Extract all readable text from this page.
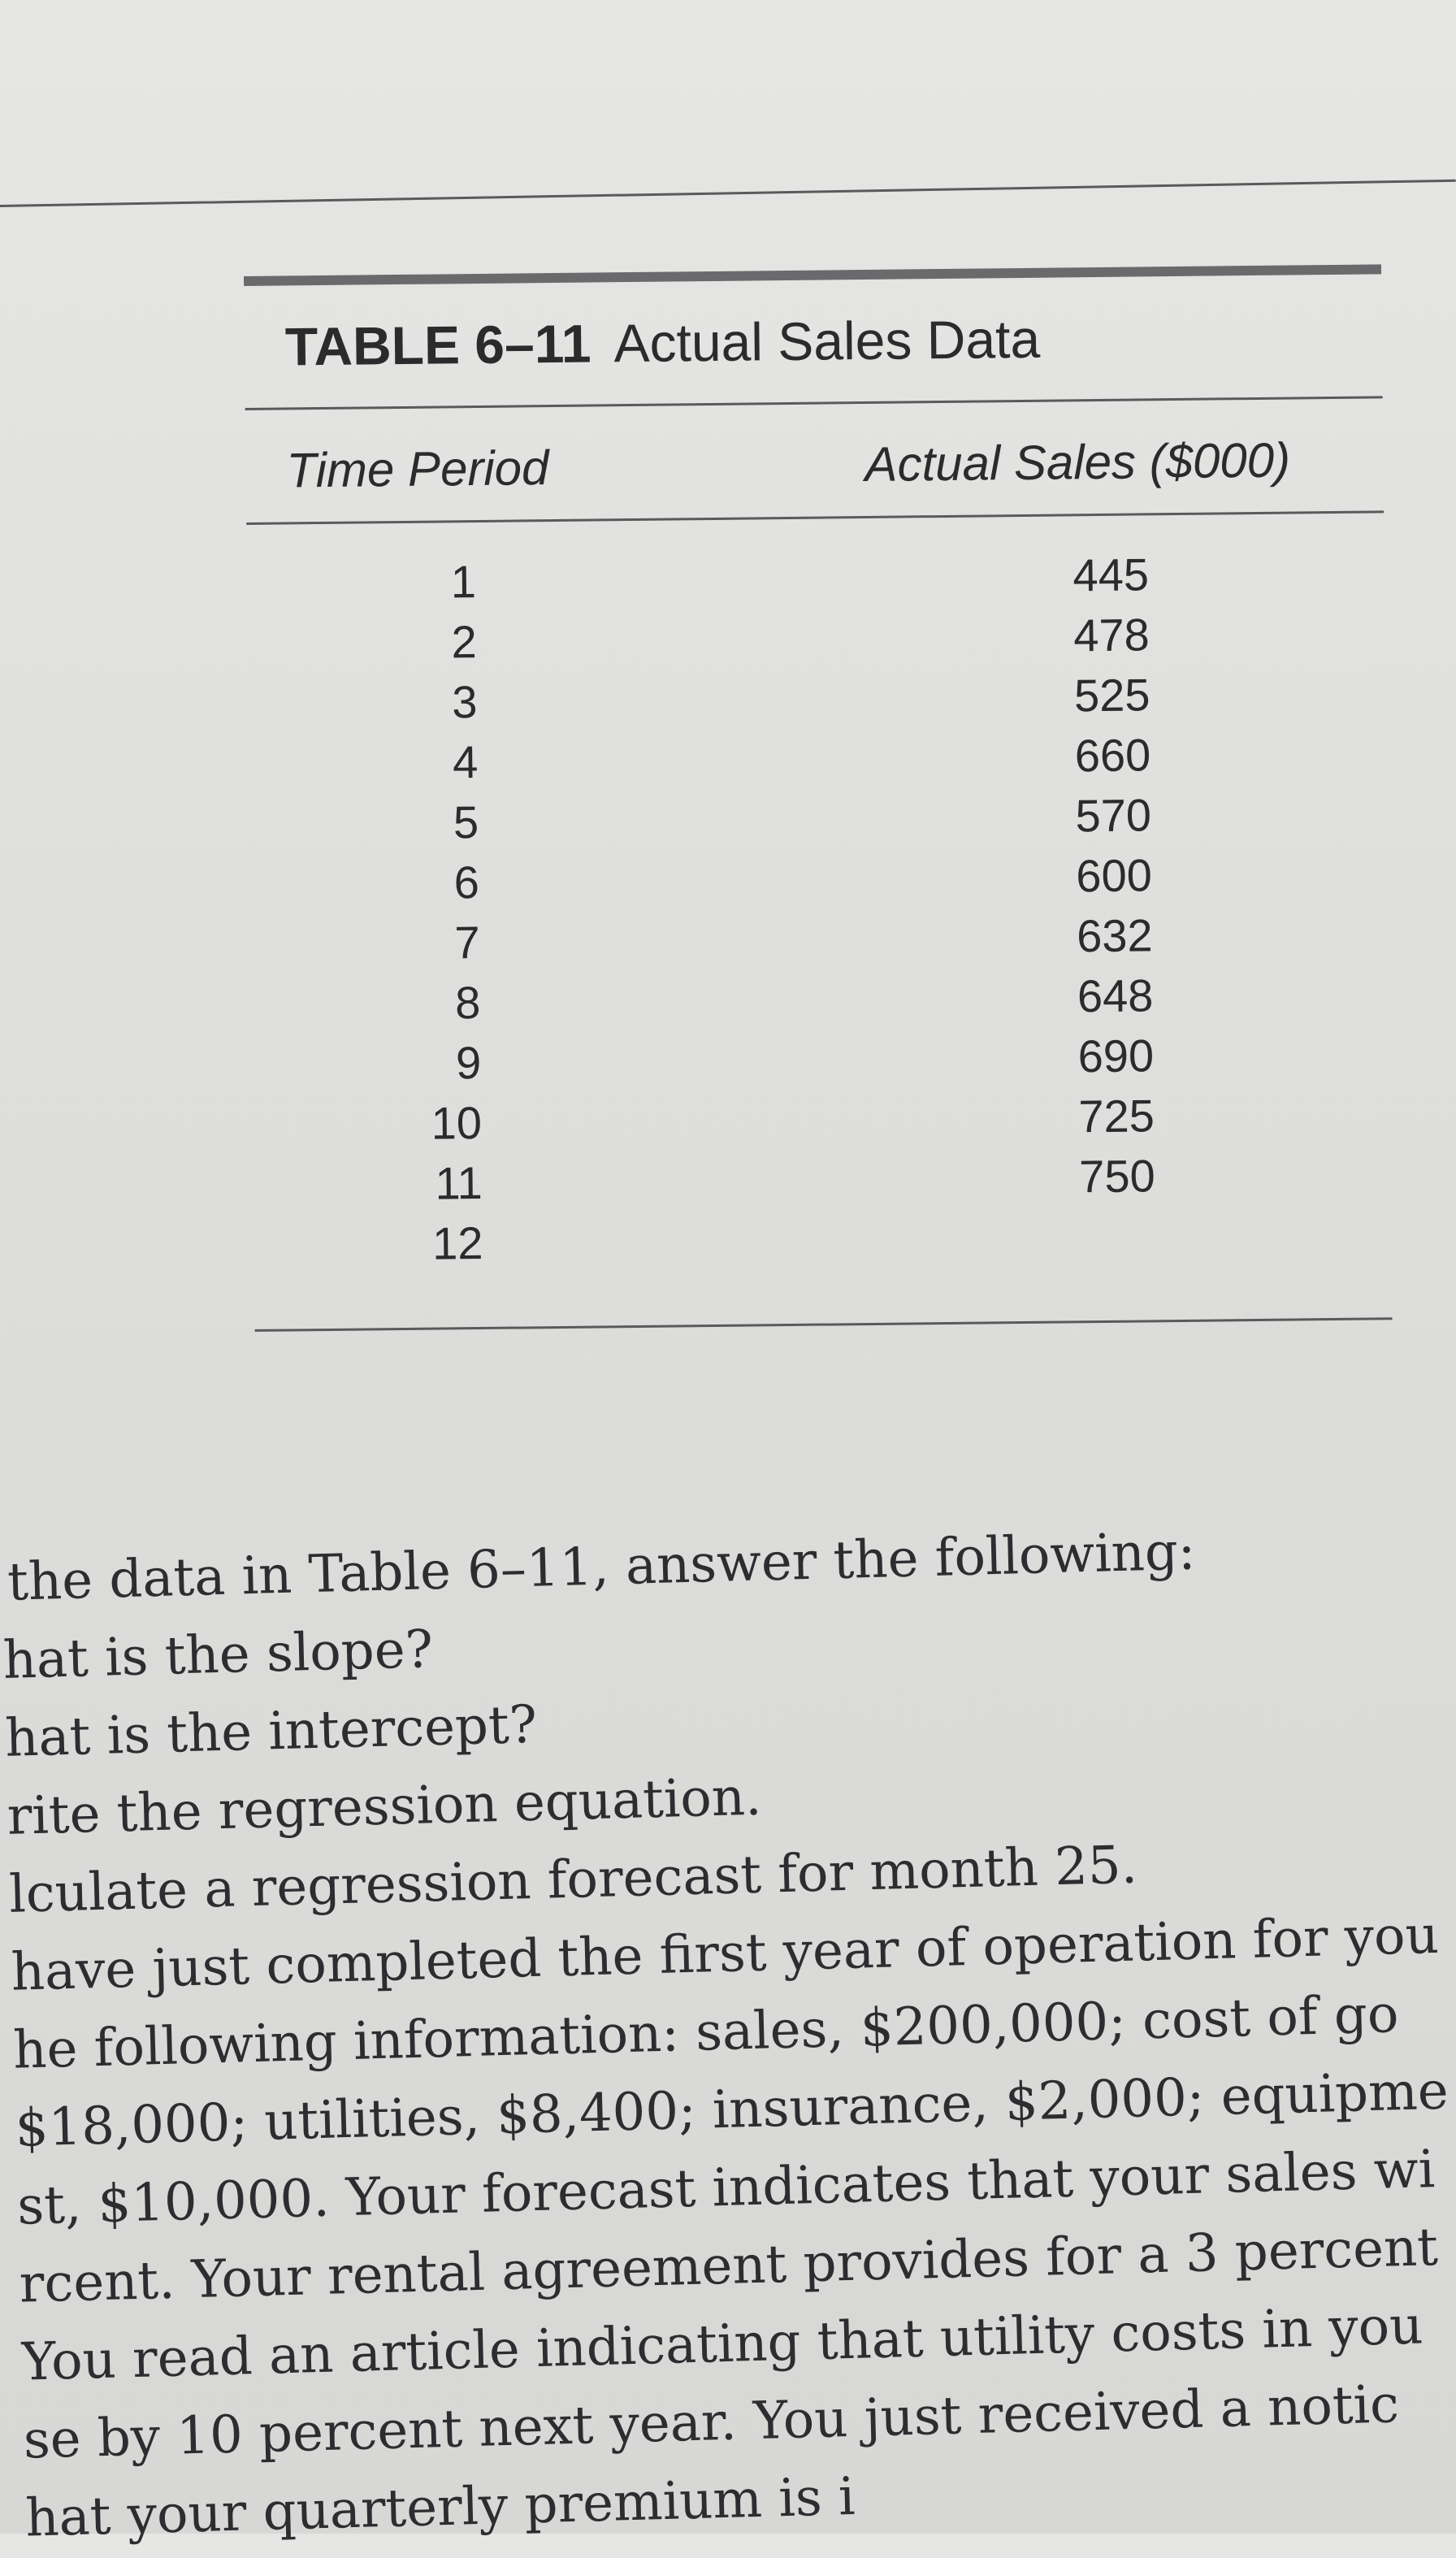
TABLE 6–11 Actual Sales Data
Time Period	Actual Sales ($000)
1	445
2	478
3	525
4	660
5	570
6	600
7	632
8	648
9	690
10	725
11	750
12
the data in Table 6–11, answer the following:
hat is the slope?
hat is the intercept?
rite the regression equation.
lculate a regression forecast for month 25.
have just completed the first year of operation for you
he following information: sales, $200,000; cost of go
$18,000; utilities, $8,400; insurance, $2,000; equipme
st, $10,000. Your forecast indicates that your sales wi
rcent. Your rental agreement provides for a 3 percent
You read an article indicating that utility costs in you
se by 10 percent next year. You just received a notic
hat your quarterly premium is i
